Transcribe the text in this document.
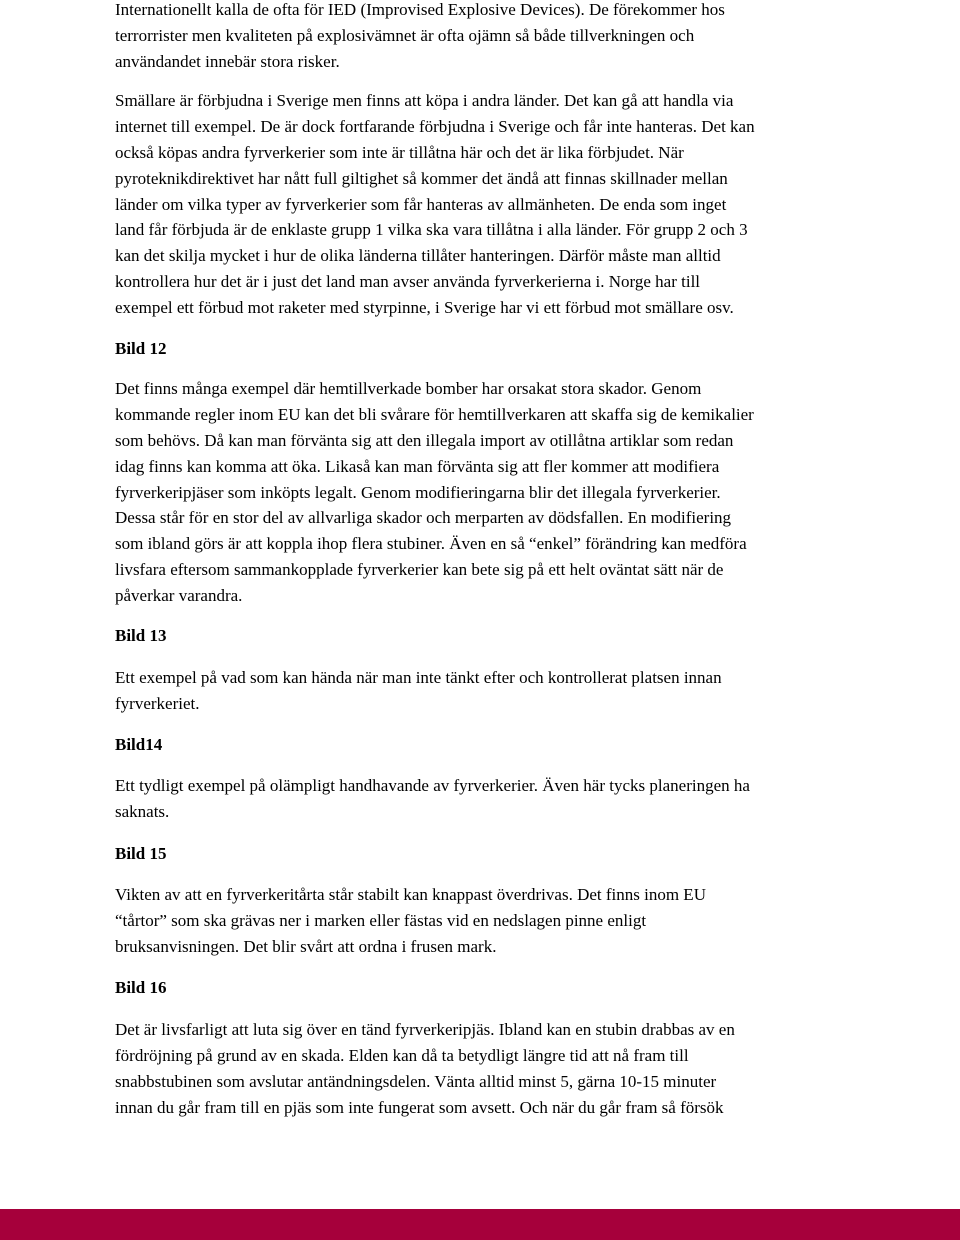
Internationellt kalla de ofta för IED (Improvised Explosive Devices). De förekommer hos
terrorrister men kvaliteten på explosivämnet är ofta ojämn så både tillverkningen och
användandet innebär stora risker.

Smällare är förbjudna i Sverige men finns att köpa i andra länder. Det kan gå att handla via
internet till exempel. De är dock fortfarande förbjudna i Sverige och får inte hanteras. Det kan
också köpas andra fyrverkerier som inte är tillåtna här och det är lika förbjudet. När
pyroteknikdirektivet har nått full giltighet så kommer det ändå att finnas skillnader mellan
länder om vilka typer av fyrverkerier som får hanteras av allmänheten. De enda som inget
land får förbjuda är de enklaste grupp 1 vilka ska vara tillåtna i alla länder. För grupp 2 och 3
kan det skilja mycket i hur de olika länderna tillåter hanteringen. Därför måste man alltid
kontrollera hur det är i just det land man avser använda fyrverkerierna i. Norge har till
exempel ett förbud mot raketer med styrpinne, i Sverige har vi ett förbud mot smällare osv.

Bild 12

Det finns många exempel där hemtillverkade bomber har orsakat stora skador. Genom
kommande regler inom EU kan det bli svårare för hemtillverkaren att skaffa sig de kemikalier
som behövs. Då kan man förvänta sig att den illegala import av otillåtna artiklar som redan
idag finns kan komma att öka. Likaså kan man förvänta sig att fler kommer att modifiera
fyrverkeripjäser som inköpts legalt. Genom modifieringarna blir det illegala fyrverkerier.
Dessa står för en stor del av allvarliga skador och merparten av dödsfallen. En modifiering
som ibland görs är att koppla ihop flera stubiner. Även en så “enkel” förändring kan medföra
livsfara eftersom sammankopplade fyrverkerier kan bete sig på ett helt oväntat sätt när de
påverkar varandra.

Bild 13

Ett exempel på vad som kan hända när man inte tänkt efter och kontrollerat platsen innan
fyrverkeriet.

Bild14

Ett tydligt exempel på olämpligt handhavande av fyrverkerier. Även här tycks planeringen ha
saknats.

Bild 15

Vikten av att en fyrverkeritårta står stabilt kan knappast överdrivas. Det finns inom EU
“tårtor” som ska grävas ner i marken eller fästas vid en nedslagen pinne enligt
bruksanvisningen. Det blir svårt att ordna i frusen mark.

Bild 16

Det är livsfarligt att luta sig över en tänd fyrverkeripjäs. Ibland kan en stubin drabbas av en
fördröjning på grund av en skada. Elden kan då ta betydligt längre tid att nå fram till
snabbstubinen som avslutar antändningsdelen. Vänta alltid minst 5, gärna 10-15 minuter
innan du går fram till en pjäs som inte fungerat som avsett. Och när du går fram så försök
